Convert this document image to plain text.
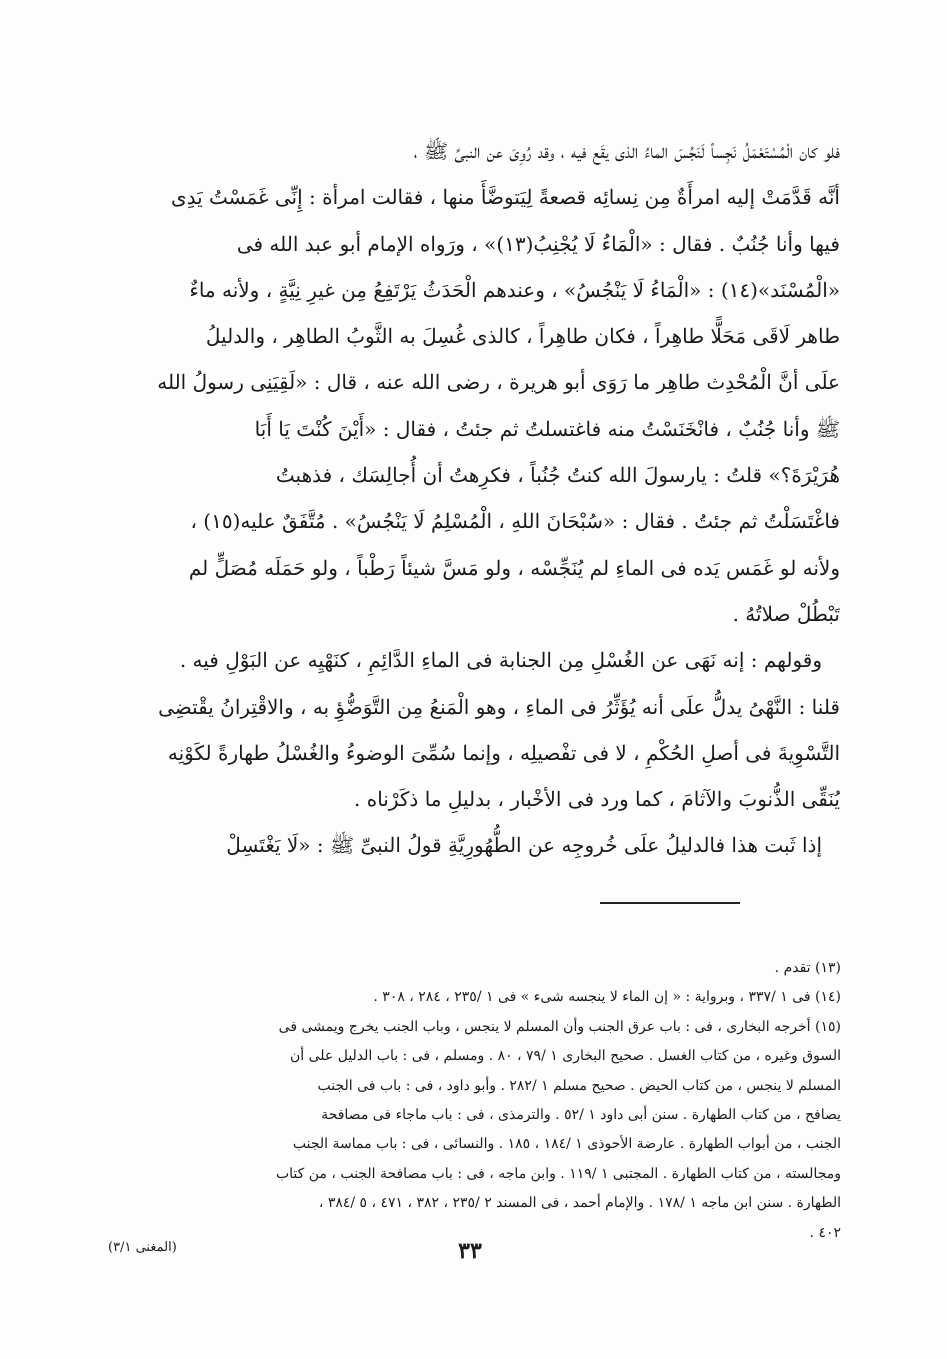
فلو كان الْمُسْتَعْمَلُ نَجِساً لَنَجُسَ الماءُ الذى يقَع فيه ، وقد رُوِىَ عن النبىِّ ﷺ ،
أنَّه قَدَّمَتْ إليه امرأَةٌ مِن نِسائِه قصعةً لِيَتوضَّأَ منها ، فقالت امرأة : إِنِّى غَمَسْتُ يَدِى
فيها وأنا جُنُبٌ . فقال : «الْمَاءُ لَا يُجْنِبُ(١٣)» ، ورَواه الإمام أبو عبد الله فى
«الْمُسْنَد»(١٤) : «الْمَاءُ لَا يَنْجُسُ» ، وعندهم الْحَدَثُ يَرْتَفِعُ مِن غيرِ نِيَّةٍ ، ولأنه ماءٌ
طاهر لَاقَى مَحَلًّا طاهِراً ، فكان طاهِراً ، كالذى غُسِلَ به الثَّوبُ الطاهِر ، والدليلُ
علَى أنَّ الْمُحْدِث طاهِر ما رَوَى أبو هريرة ، رضى الله عنه ، قال : «لَقِيَنِى رسولُ الله
ﷺ وأنا جُنُبٌ ، فانْخَنَسْتُ منه فاغتسلتُ ثم جئتُ ، فقال : «أَيْنَ كُنْتَ يَا أَبَا
هُرَيْرَةَ؟» قلتُ : يارسولَ الله كنتُ جُنُباً ، فكرِهتُ أن أُجالِسَك ، فذهبتُ
فاغْتَسَلْتُ ثم جئتُ . فقال : «سُبْحَانَ اللهِ ، الْمُسْلِمُ لَا يَنْجُسُ» . مُتَّفَقٌ عليه(١٥) ،
ولأنه لو غَمَس يَده فى الماءِ لم يُنَجِّسْه ، ولو مَسَّ شيئاً رَطْباً ، ولو حَمَلَه مُصَلٍّ لم
تَبْطُلْ صلاتُهُ .
وقولهم : إنه نَهَى عن الغُسْلِ مِن الجنابة فى الماءِ الدَّائِمِ ، كنَهْيِه عن البَوْلِ فيه .
قلنا : النَّهْىُ يدلُّ علَى أنه يُؤَثِّرُ فى الماءِ ، وهو الْمَنعُ مِن التَّوَضُّؤِ به ، والاقْتِرانُ يقْتضِى
التَّسْوِيةَ فى أصلِ الحُكْمِ ، لا فى تفْصيلِه ، وإنما سُمِّىَ الوضوءُ والغُسْلُ طهارةً لكَوْنِه
يُنَقِّى الذُّنوبَ والآثامَ ، كما ورد فى الأخْبار ، بدليلِ ما ذكَرْناه .
إذا ثَبت هذا فالدليلُ علَى خُروجِه عن الطُّهُورِيَّةِ قولُ النبىِّ ﷺ : «لَا يَغْتَسِلْ
(١٣) تقدم .
(١٤) فى ١ /٣٣٧ ، وبرواية : « إن الماء لا ينجسه شىء » فى ١ /٢٣٥ ، ٢٨٤ ، ٣٠٨ .
(١٥) أخرجه البخارى ، فى : باب عرق الجنب وأن المسلم لا ينجس ، وباب الجنب يخرج ويمشى فى
السوق وغيره ، من كتاب الغسل . صحيح البخارى ١ /٧٩ ، ٨٠ . ومسلم ، فى : باب الدليل على أن
المسلم لا ينجس ، من كتاب الحيض . صحيح مسلم ١ /٢٨٢ . وأبو داود ، فى : باب فى الجنب
يصافح ، من كتاب الطهارة . سنن أبى داود ١ /٥٢ . والترمذى ، فى : باب ماجاء فى مصافحة
الجنب ، من أبواب الطهارة . عارضة الأحوذى ١ /١٨٤ ، ١٨٥ . والنسائى ، فى : باب مماسة الجنب
ومجالسته ، من كتاب الطهارة . المجتبى ١ /١١٩ . وابن ماجه ، فى : باب مصافحة الجنب ، من كتاب
الطهارة . سنن ابن ماجه ١ /١٧٨ . والإمام أحمد ، فى المسند ٢ /٢٣٥ ، ٣٨٢ ، ٤٧١ ، ٥ /٣٨٤ ،
٤٠٢ .
٣٣
(المغنى ٣/١)
